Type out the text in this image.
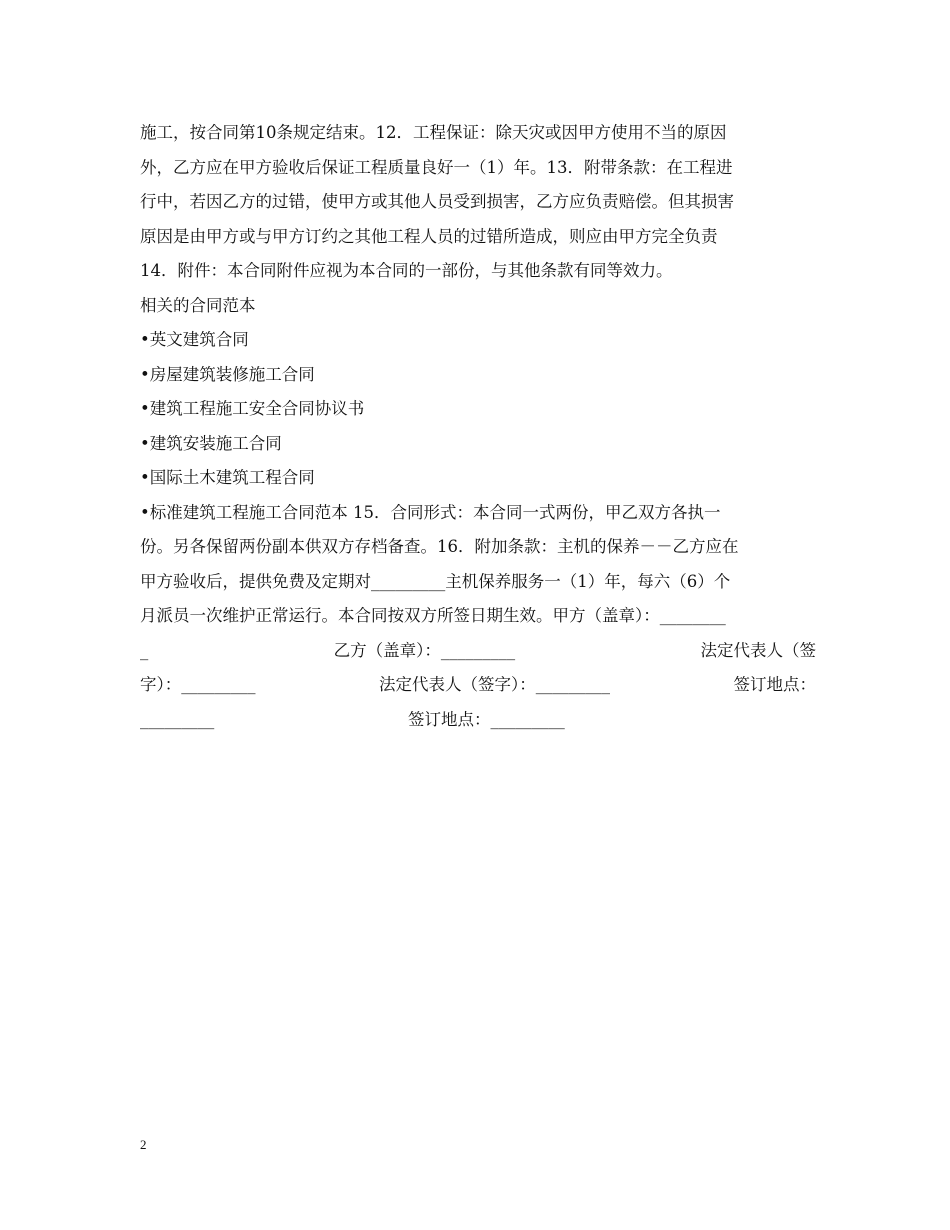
施工，按合同第10条规定结束。12．工程保证：除天灾或因甲方使用不当的原因
外，乙方应在甲方验收后保证工程质量良好一（1）年。13．附带条款：在工程进
行中，若因乙方的过错，使甲方或其他人员受到损害，乙方应负责赔偿。但其损害
原因是由甲方或与甲方订约之其他工程人员的过错所造成，则应由甲方完全负责
14．附件：本合同附件应视为本合同的一部份，与其他条款有同等效力。
相关的合同范本
•英文建筑合同
•房屋建筑装修施工合同
•建筑工程施工安全合同协议书
•建筑安装施工合同
•国际土木建筑工程合同
•标准建筑工程施工合同范本 15．合同形式：本合同一式两份，甲乙双方各执一
份。另各保留两份副本供双方存档备查。16．附加条款：主机的保养－－乙方应在
甲方验收后，提供免费及定期对_________主机保养服务一（1）年，每六（6）个
月派员一次维护正常运行。本合同按双方所签日期生效。甲方（盖章）：________
_	乙方（盖章）：_________	法定代表人（签
字）：_________	法定代表人（签字）：_________	签订地点：
_________	签订地点：_________
2
